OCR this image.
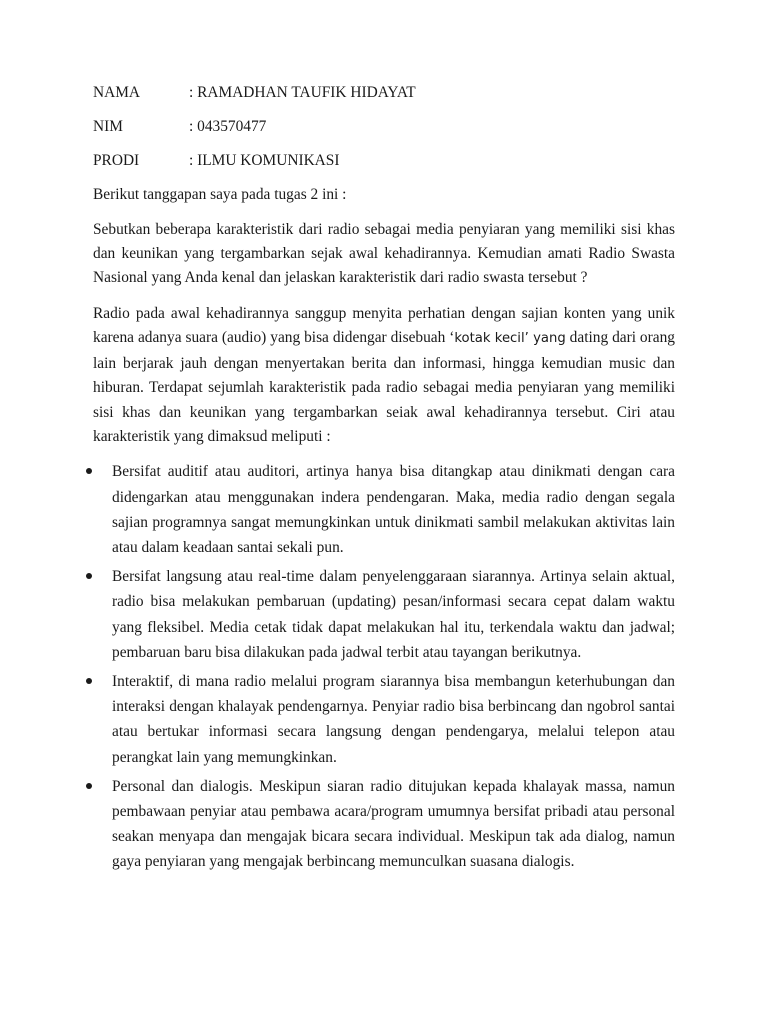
NAMA	: RAMADHAN TAUFIK HIDAYAT
NIM	: 043570477
PRODI	: ILMU KOMUNIKASI

Berikut tanggapan saya pada tugas 2 ini :

Sebutkan beberapa karakteristik dari radio sebagai media penyiaran yang memiliki sisi khas dan keunikan yang tergambarkan sejak awal kehadirannya. Kemudian amati Radio Swasta Nasional yang Anda kenal dan jelaskan karakteristik dari radio swasta tersebut ?

Radio pada awal kehadirannya sanggup menyita perhatian dengan sajian konten yang unik karena adanya suara (audio) yang bisa didengar disebuah ‘kotak kecil’ yang dating dari orang lain berjarak jauh dengan menyertakan berita dan informasi, hingga kemudian music dan hiburan. Terdapat sejumlah karakteristik pada radio sebagai media penyiaran yang memiliki sisi khas dan keunikan yang tergambarkan seiak awal kehadirannya tersebut. Ciri atau karakteristik yang dimaksud meliputi :

Bersifat auditif atau auditori, artinya hanya bisa ditangkap atau dinikmati dengan cara didengarkan atau menggunakan indera pendengaran. Maka, media radio dengan segala sajian programnya sangat memungkinkan untuk dinikmati sambil melakukan aktivitas lain atau dalam keadaan santai sekali pun.
Bersifat langsung atau real-time dalam penyelenggaraan siarannya. Artinya selain aktual, radio bisa melakukan pembaruan (updating) pesan/informasi secara cepat dalam waktu yang fleksibel. Media cetak tidak dapat melakukan hal itu, terkendala waktu dan jadwal; pembaruan baru bisa dilakukan pada jadwal terbit atau tayangan berikutnya.
Interaktif, di mana radio melalui program siarannya bisa membangun keterhubungan dan interaksi dengan khalayak pendengarnya. Penyiar radio bisa berbincang dan ngobrol santai atau bertukar informasi secara langsung dengan pendengarya, melalui telepon atau perangkat lain yang memungkinkan.
Personal dan dialogis. Meskipun siaran radio ditujukan kepada khalayak massa, namun pembawaan penyiar atau pembawa acara/program umumnya bersifat pribadi atau personal seakan menyapa dan mengajak bicara secara individual. Meskipun tak ada dialog, namun gaya penyiaran yang mengajak berbincang memunculkan suasana dialogis.
